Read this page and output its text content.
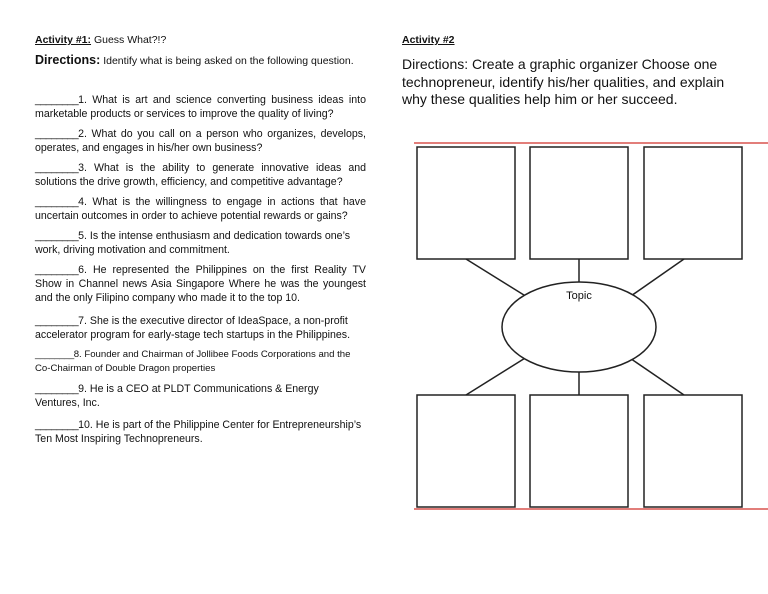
Activity #1: Guess What?!?
Directions: Identify what is being asked on the following question.
________1. What is art and science converting business ideas into marketable products or services to improve the quality of living?
________2. What do you call on a person who organizes, develops, operates, and engages in his/her own business?
________3. What is the ability to generate innovative ideas and solutions the drive growth, efficiency, and competitive advantage?
________4. What is the willingness to engage in actions that have uncertain outcomes in order to achieve potential rewards or gains?
________5. Is the intense enthusiasm and dedication towards one’s work, driving motivation and commitment.
________6. He represented the Philippines on the first Reality TV Show in Channel news Asia Singapore Where he was the youngest and the only Filipino company who made it to the top 10.
________7. She is the executive director of IdeaSpace, a non-profit accelerator program for early-stage tech startups in the Philippines.
________8. Founder and Chairman of Jollibee Foods Corporations and the Co-Chairman of Double Dragon properties
________9. He is a CEO at PLDT Communications & Energy Ventures, Inc.
________10. He is part of the Philippine Center for Entrepreneurship’s Ten Most Inspiring Technopreneurs.
Activity #2
Directions: Create a graphic organizer Choose one technopreneur, identify his/her qualities, and explain why these qualities help him or her succeed.
Topic
